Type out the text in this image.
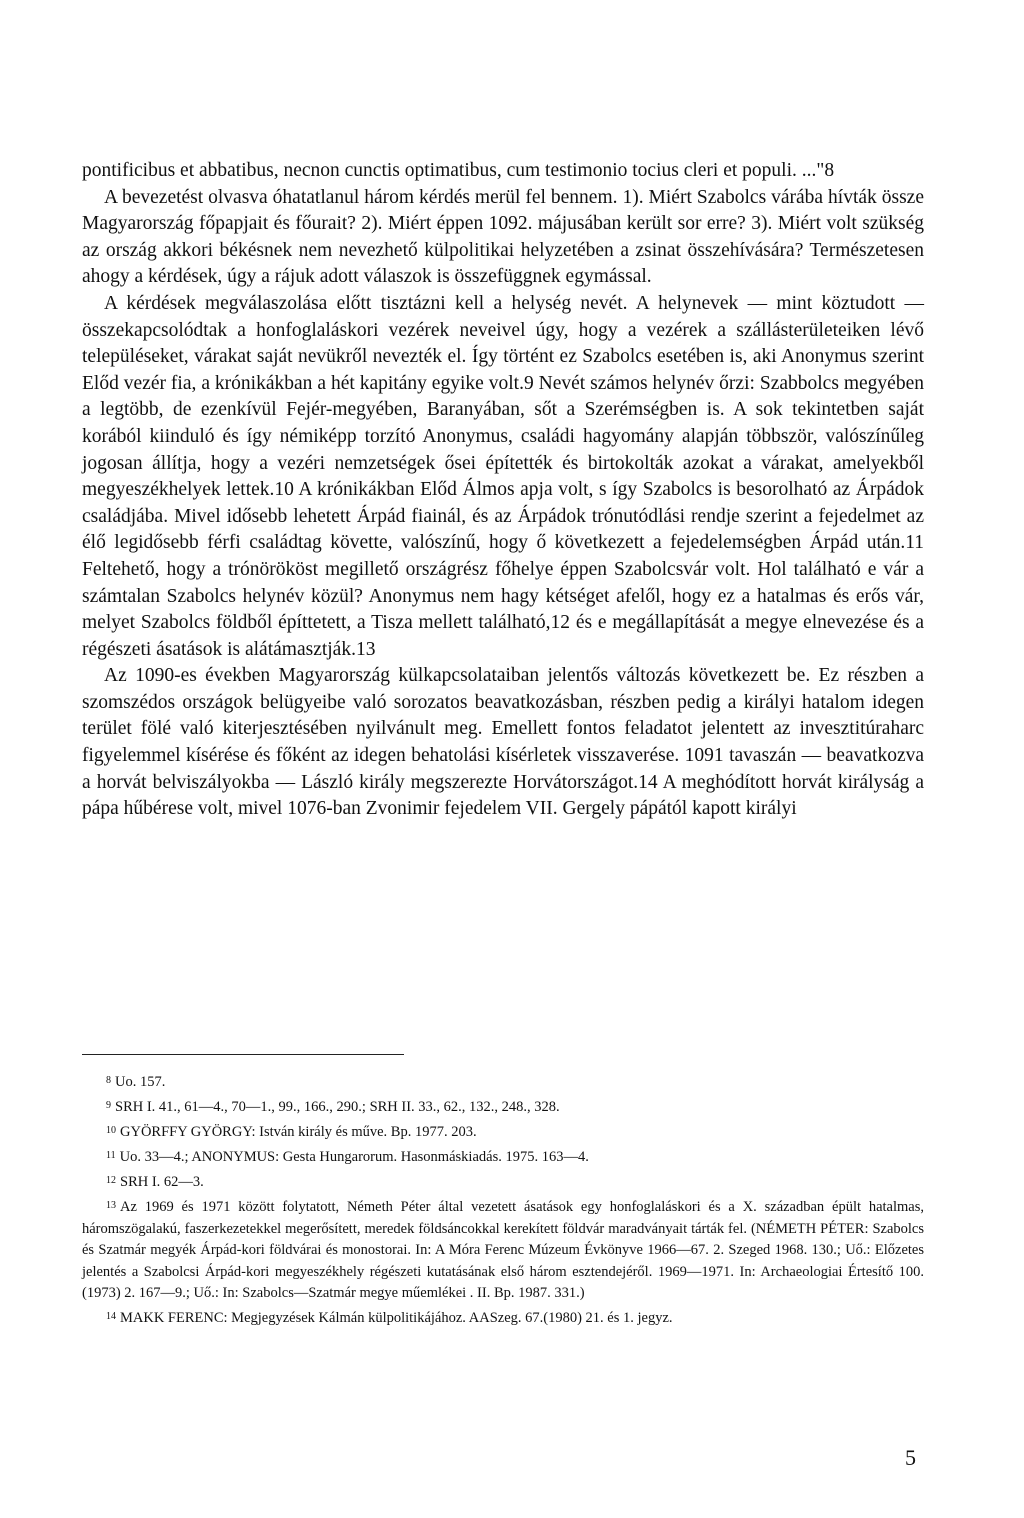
pontificibus et abbatibus, necnon cunctis optimatibus, cum testimonio tocius cleri et populi. ..."8

A bevezetést olvasva óhatatlanul három kérdés merül fel bennem. 1). Miért Szabolcs várába hívták össze Magyarország főpapjait és főurait? 2). Miért éppen 1092. májusában került sor erre? 3). Miért volt szükség az ország akkori békésnek nem nevezhető külpolitikai helyzetében a zsinat összehívására? Természetesen ahogy a kérdések, úgy a rájuk adott válaszok is összefüggnek egymással.

A kérdések megválaszolása előtt tisztázni kell a helység nevét. A helynevek — mint köztudott — összekapcsolódtak a honfoglaláskori vezérek neveivel úgy, hogy a vezérek a szállásterületeiken lévő településeket, várakat saját nevükről nevezték el. Így történt ez Szabolcs esetében is, aki Anonymus szerint Előd vezér fia, a krónikákban a hét kapitány egyike volt.9 Nevét számos helynév őrzi: Szabbolcs megyében a legtöbb, de ezenkívül Fejér-megyében, Baranyában, sőt a Szerémségben is. A sok tekintetben saját korából kiinduló és így némiképp torzító Anonymus, családi hagyomány alapján többször, valószínűleg jogosan állítja, hogy a vezéri nemzetségek ősei építették és birtokolták azokat a várakat, amelyekből megyeszékhelyek lettek.10 A krónikákban Előd Álmos apja volt, s így Szabolcs is besorolható az Árpádok családjába. Mivel idősebb lehetett Árpád fiainál, és az Árpádok trónutódlási rendje szerint a fejedelmet az élő legidősebb férfi családtag követte, valószínű, hogy ő következett a fejedelemségben Árpád után.11 Feltehető, hogy a trónörököst megillető országrész főhelye éppen Szabolcsvár volt. Hol található e vár a számtalan Szabolcs helynév közül? Anonymus nem hagy kétséget afelől, hogy ez a hatalmas és erős vár, melyet Szabolcs földből építtetett, a Tisza mellett található,12 és e megállapítását a megye elnevezése és a régészeti ásatások is alátámasztják.13

Az 1090-es években Magyarország külkapcsolataiban jelentős változás következett be. Ez részben a szomszédos országok belügyeibe való sorozatos beavatkozásban, részben pedig a királyi hatalom idegen terület fölé való kiterjesztésében nyilvánult meg. Emellett fontos feladatot jelentett az invesztitúraharc figyelemmel kísérése és főként az idegen behatolási kísérletek visszaverése. 1091 tavaszán — beavatkozva a horvát belviszályokba — László király megszerezte Horvátországot.14 A meghódított horvát királyság a pápa hűbérese volt, mivel 1076-ban Zvonimir fejedelem VII. Gergely pápától kapott királyi

$^8$ Uo. 157.

$^9$ SRH I. 41., 61—4., 70—1., 99., 166., 290.; SRH II. 33., 62., 132., 248., 328.

$^{10}$ GYÖRFFY GYÖRGY: István király és műve. Bp. 1977. 203.

$^{11}$ Uo. 33—4.; ANONYMUS: Gesta Hungarorum. Hasonmáskiadás. 1975. 163—4.

$^{12}$ SRH I. 62—3.

$^{13}$ Az 1969 és 1971 között folytatott, Németh Péter által vezetett ásatások egy honfoglaláskori és a X. században épült hatalmas, háromszögalakú, faszerkezetekkel megerősített, meredek földsáncokkal kerekített földvár maradványait tárták fel. (NÉMETH PÉTER: Szabolcs és Szatmár megyék Árpád-kori földvárai és monostorai. In: A Móra Ferenc Múzeum Évkönyve 1966—67. 2. Szeged 1968. 130.; Uő.: Előzetes jelentés a Szabolcsi Árpád-kori megyeszékhely régészeti kutatásának első három esztendejéről. 1969—1971. In: Archaeologiai Értesítő 100. (1973) 2. 167—9.; Uő.: In: Szabolcs—Szatmár megye műemlékei . II. Bp. 1987. 331.)

$^{14}$ MAKK FERENC: Megjegyzések Kálmán külpolitikájához. AASzeg. 67.(1980) 21. és 1. jegyz.

5
